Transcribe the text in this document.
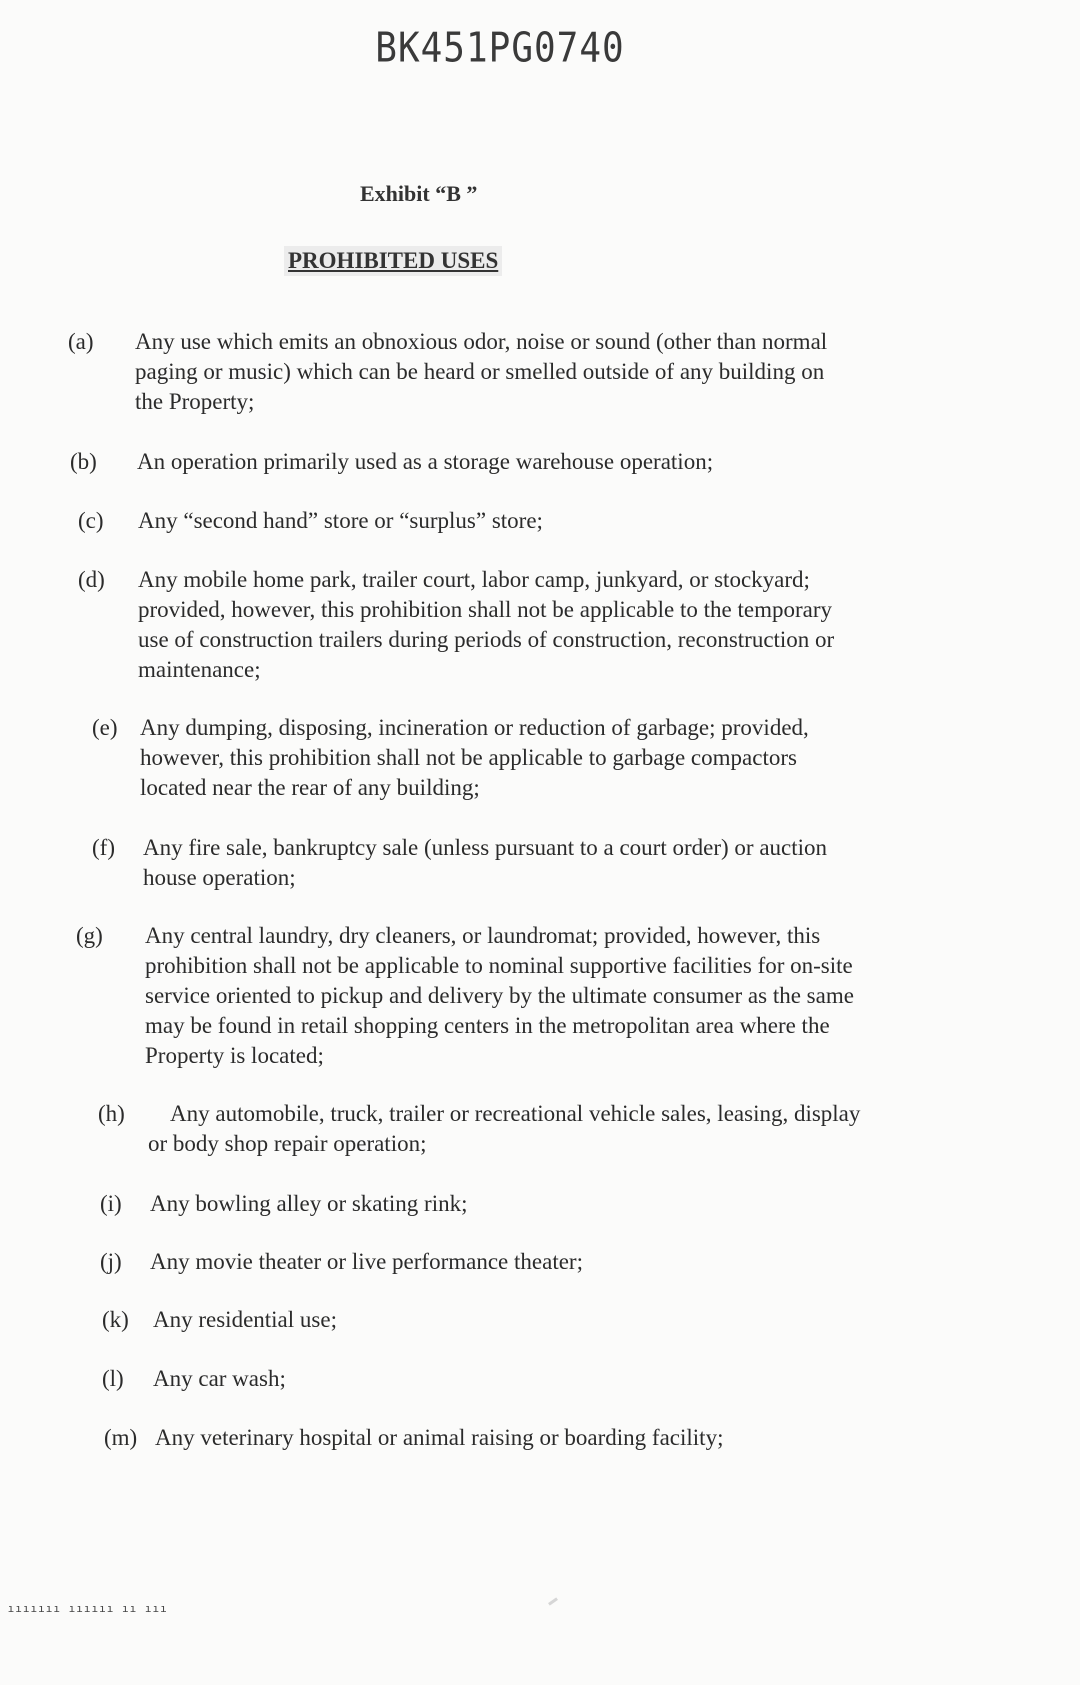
BK451PG0740
Exhibit “B ”
PROHIBITED USES
(a) Any use which emits an obnoxious odor, noise or sound (other than normal
paging or music) which can be heard or smelled outside of any building on
the Property;
(b) An operation primarily used as a storage warehouse operation;
(c) Any “second hand” store or “surplus” store;
(d) Any mobile home park, trailer court, labor camp, junkyard, or stockyard;
provided, however, this prohibition shall not be applicable to the temporary
use of construction trailers during periods of construction, reconstruction or
maintenance;
(e) Any dumping, disposing, incineration or reduction of garbage; provided,
however, this prohibition shall not be applicable to garbage compactors
located near the rear of any building;
(f) Any fire sale, bankruptcy sale (unless pursuant to a court order) or auction
house operation;
(g) Any central laundry, dry cleaners, or laundromat; provided, however, this
prohibition shall not be applicable to nominal supportive facilities for on-site
service oriented to pickup and delivery by the ultimate consumer as the same
may be found in retail shopping centers in the metropolitan area where the
Property is located;
(h) Any automobile, truck, trailer or recreational vehicle sales, leasing, display
or body shop repair operation;
(i) Any bowling alley or skating rink;
(j) Any movie theater or live performance theater;
(k) Any residential use;
(l) Any car wash;
(m) Any veterinary hospital or animal raising or boarding facility;
 ııııııı ıııııı ıı ııı
